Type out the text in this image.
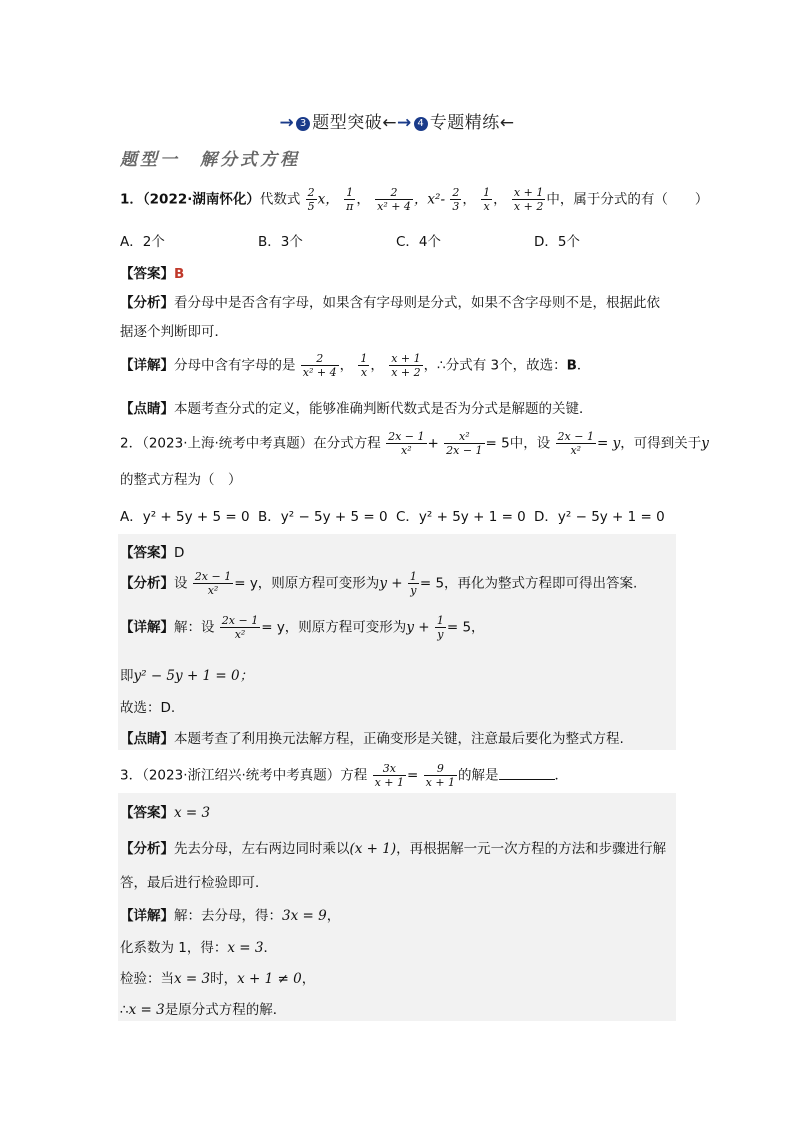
→ 3 题型突破←→ 4 专题精练←
题型一　解分式方程
1．（2022·湖南怀化）代数式 $\frac{2}{5}$ x， $\frac{1}{\pi}$ ， $\frac{2}{\text{x² + 4}}$ ，$x^2- \frac{2}{3}$ ， $\frac{1}{x}$ ， $\frac{x + 1}{x + 2}$ 中，属于分式的有（　　）
A．2个	B．3个	C．4个	D．5个
【答案】B
【分析】看分母中是否含有字母，如果含有字母则是分式，如果不含字母则不是，根据此依
据逐个判断即可．
【详解】分母中含有字母的是 $\frac{2}{\text{x² + 4}}$ ， $\frac{1}{x}$ ， $\frac{x + 1}{x + 2}$ ，∴分式有 3个，故选：B．
【点睛】本题考查分式的定义，能够准确判断代数式是否为分式是解题的关键．
2．（2023·上海·统考中考真题）在分式方程 $\frac{2x - 1}{\text{x²}} + \frac{\text{x²}}{2x - 1} = 5$中，设 $\frac{2x - 1}{\text{x²}} = y$，可得到关于y
的整式方程为（　）
A．y² + 5y + 5 = 0 B．y² − 5y + 5 = 0 C．y² + 5y + 1 = 0 D．y² − 5y + 1 = 0
【答案】D
【分析】设 $\frac{2x - 1}{\text{x²}} = y$，则原方程可变形为$y + \frac{1}{y} = 5$，再化为整式方程即可得出答案.
【详解】解：设 $\frac{2x - 1}{\text{x²}} = y$，则原方程可变形为$y + \frac{1}{y} = 5$，
即y² − 5y + 1 = 0；
故选：D.
【点睛】本题考查了利用换元法解方程，正确变形是关键，注意最后要化为整式方程.
3．（2023·浙江绍兴·统考中考真题）方程 $\frac{3x}{x + 1} = \frac{9}{x + 1}$ 的解是	．
【答案】x = 3
【分析】先去分母，左右两边同时乘以(x + 1)，再根据解一元一次方程的方法和步骤进行解
答，最后进行检验即可．
【详解】解：去分母，得：3x = 9，
化系数为 1，得：x = 3．
检验：当x = 3时，x + 1 ≠ 0，
∴x = 3是原分式方程的解．
